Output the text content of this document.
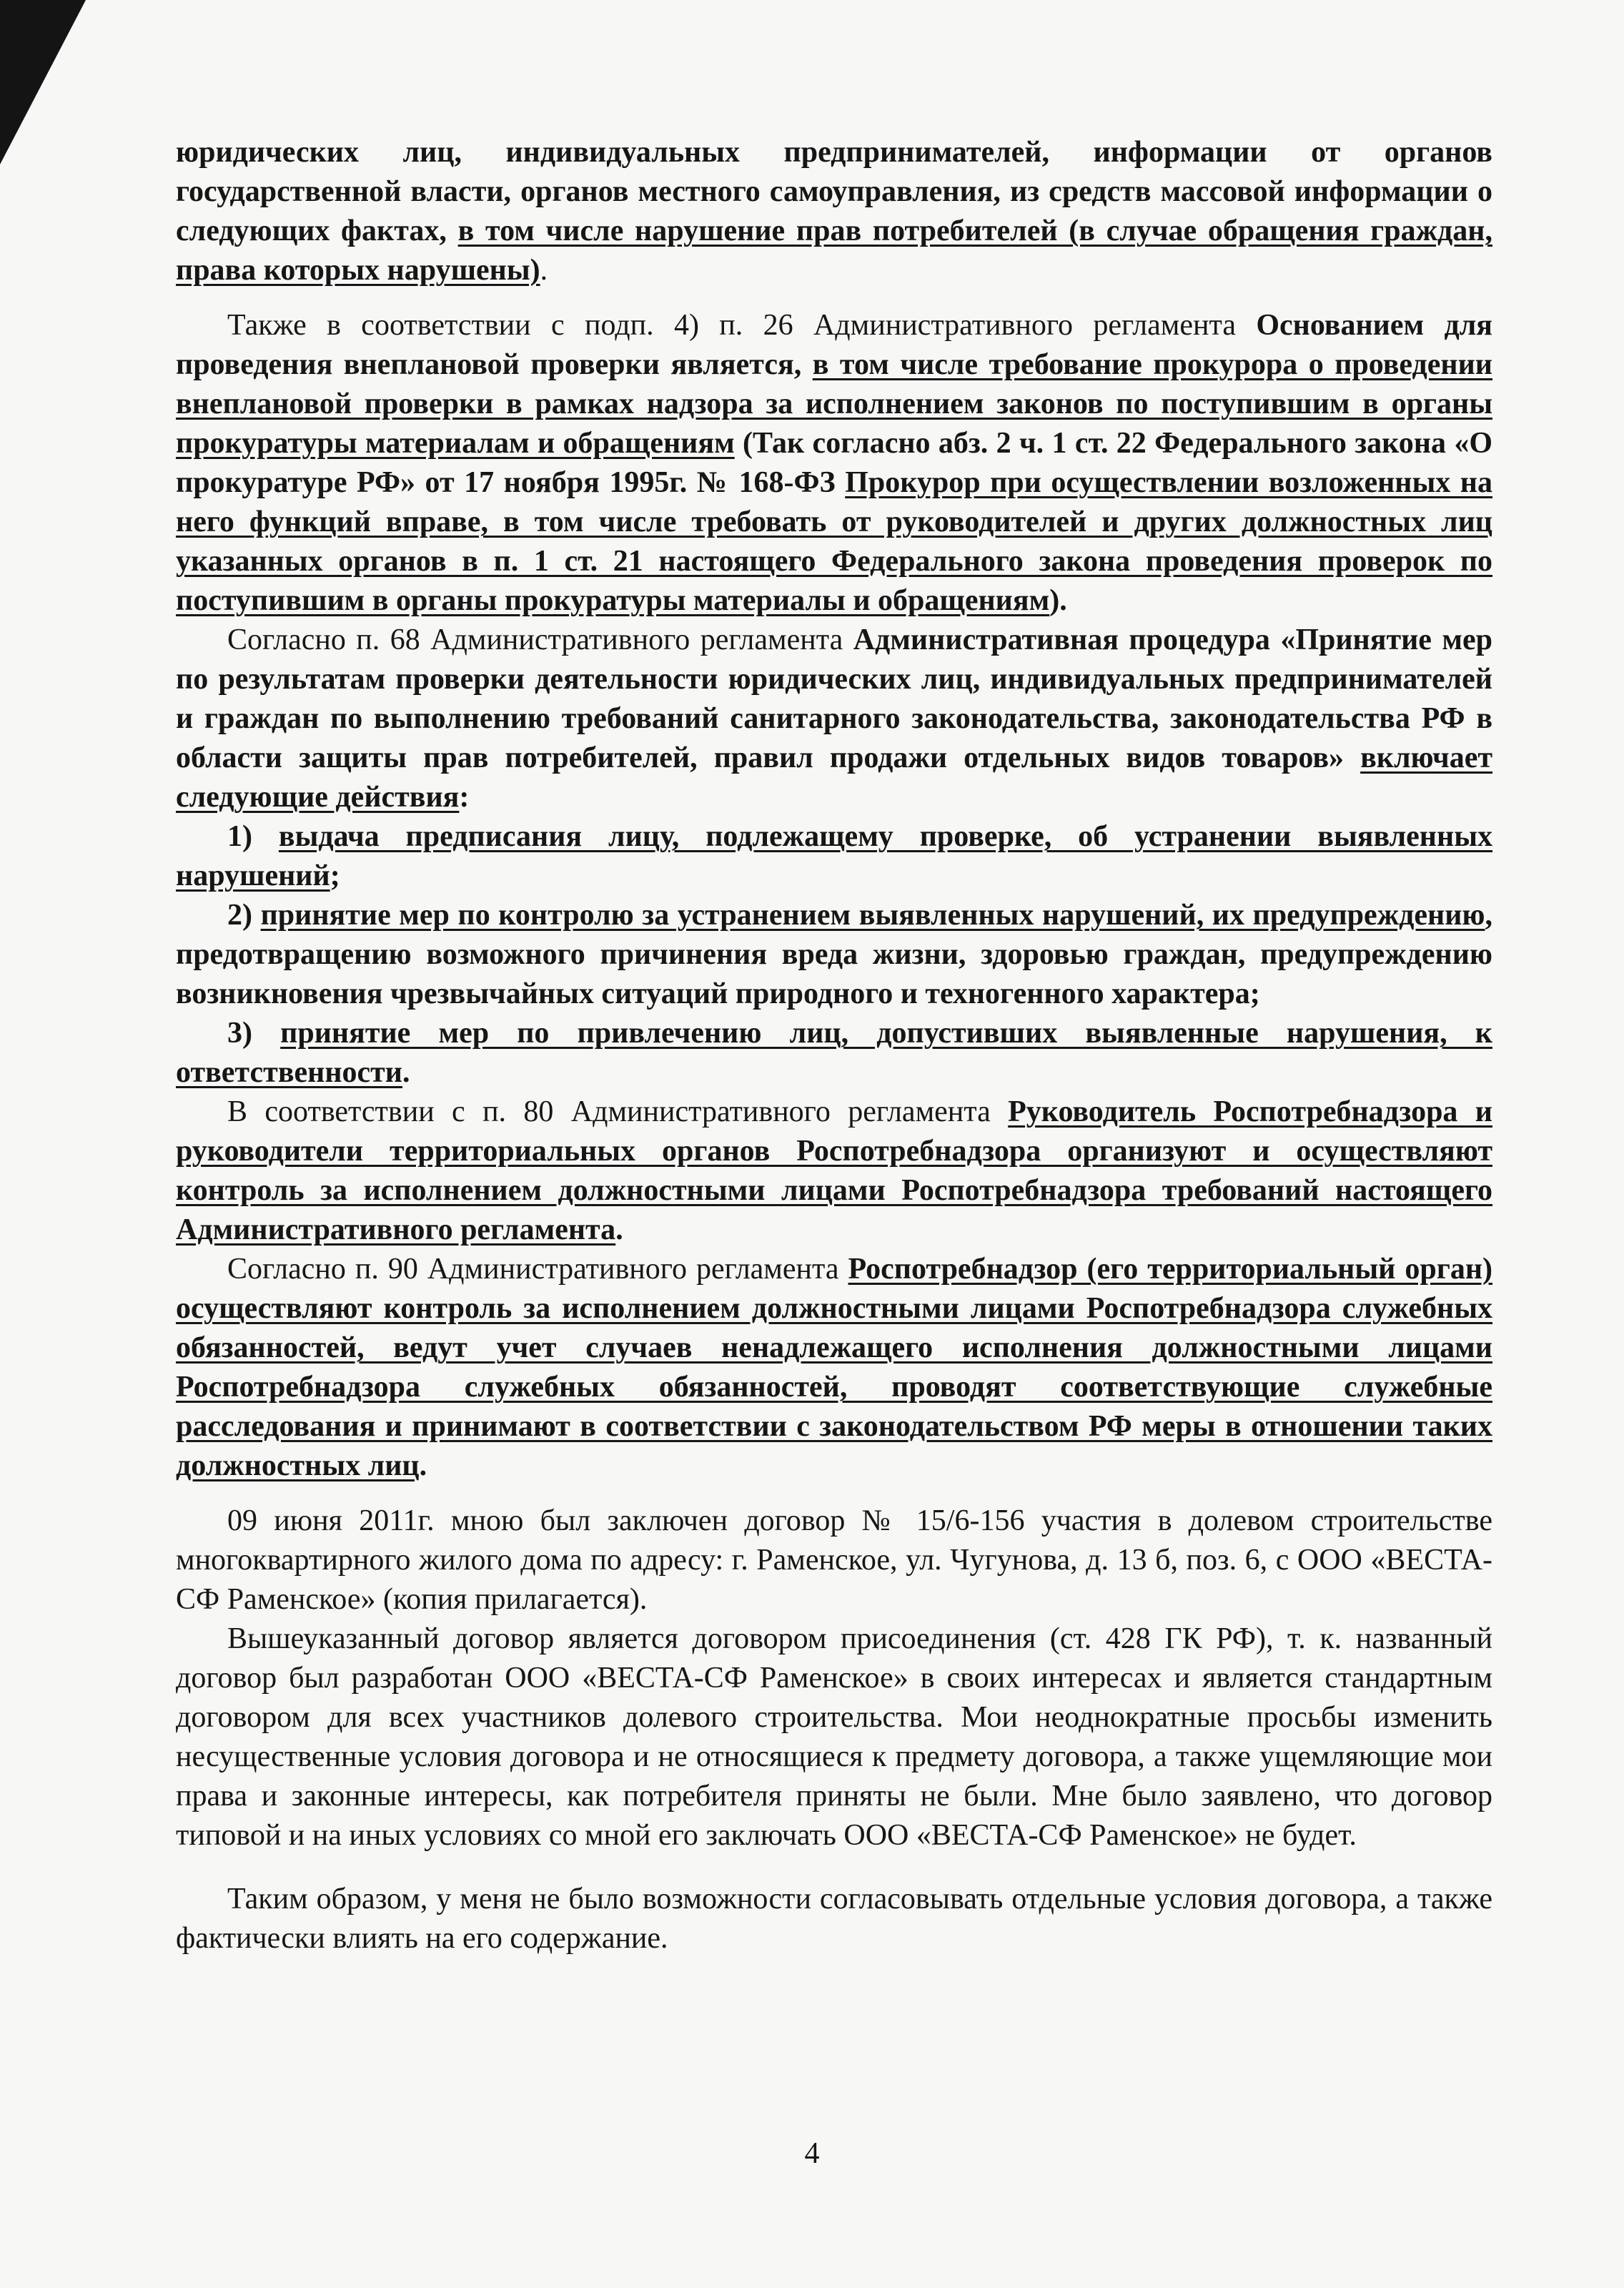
юридических лиц, индивидуальных предпринимателей, информации от органов государственной власти, органов местного самоуправления, из средств массовой информации о следующих фактах, в том числе нарушение прав потребителей (в случае обращения граждан, права которых нарушены).

Также в соответствии с подп. 4) п. 26 Административного регламента Основанием для проведения внеплановой проверки является, в том числе требование прокурора о проведении внеплановой проверки в рамках надзора за исполнением законов по поступившим в органы прокуратуры материалам и обращениям (Так согласно абз. 2 ч. 1 ст. 22 Федерального закона «О прокуратуре РФ» от 17 ноября 1995г. № 168-ФЗ Прокурор при осуществлении возложенных на него функций вправе, в том числе требовать от руководителей и других должностных лиц указанных органов в п. 1 ст. 21 настоящего Федерального закона проведения проверок по поступившим в органы прокуратуры материалы и обращениям).

Согласно п. 68 Административного регламента Административная процедура «Принятие мер по результатам проверки деятельности юридических лиц, индивидуальных предпринимателей и граждан по выполнению требований санитарного законодательства, законодательства РФ в области защиты прав потребителей, правил продажи отдельных видов товаров» включает следующие действия:

1) выдача предписания лицу, подлежащему проверке, об устранении выявленных нарушений;

2) принятие мер по контролю за устранением выявленных нарушений, их предупреждению, предотвращению возможного причинения вреда жизни, здоровью граждан, предупреждению возникновения чрезвычайных ситуаций природного и техногенного характера;

3) принятие мер по привлечению лиц, допустивших выявленные нарушения, к ответственности.

В соответствии с п. 80 Административного регламента Руководитель Роспотребнадзора и руководители территориальных органов Роспотребнадзора организуют и осуществляют контроль за исполнением должностными лицами Роспотребнадзора требований настоящего Административного регламента.

Согласно п. 90 Административного регламента Роспотребнадзор (его территориальный орган) осуществляют контроль за исполнением должностными лицами Роспотребнадзора служебных обязанностей, ведут учет случаев ненадлежащего исполнения должностными лицами Роспотребнадзора служебных обязанностей, проводят соответствующие служебные расследования и принимают в соответствии с законодательством РФ меры в отношении таких должностных лиц.

09 июня 2011г. мною был заключен договор № 15/6-156 участия в долевом строительстве многоквартирного жилого дома по адресу: г. Раменское, ул. Чугунова, д. 13 б, поз. 6, с ООО «ВЕСТА-СФ Раменское» (копия прилагается).

Вышеуказанный договор является договором присоединения (ст. 428 ГК РФ), т. к. названный договор был разработан ООО «ВЕСТА-СФ Раменское» в своих интересах и является стандартным договором для всех участников долевого строительства. Мои неоднократные просьбы изменить несущественные условия договора и не относящиеся к предмету договора, а также ущемляющие мои права и законные интересы, как потребителя приняты не были. Мне было заявлено, что договор типовой и на иных условиях со мной его заключать ООО «ВЕСТА-СФ Раменское» не будет.

Таким образом, у меня не было возможности согласовывать отдельные условия договора, а также фактически влиять на его содержание.

4
